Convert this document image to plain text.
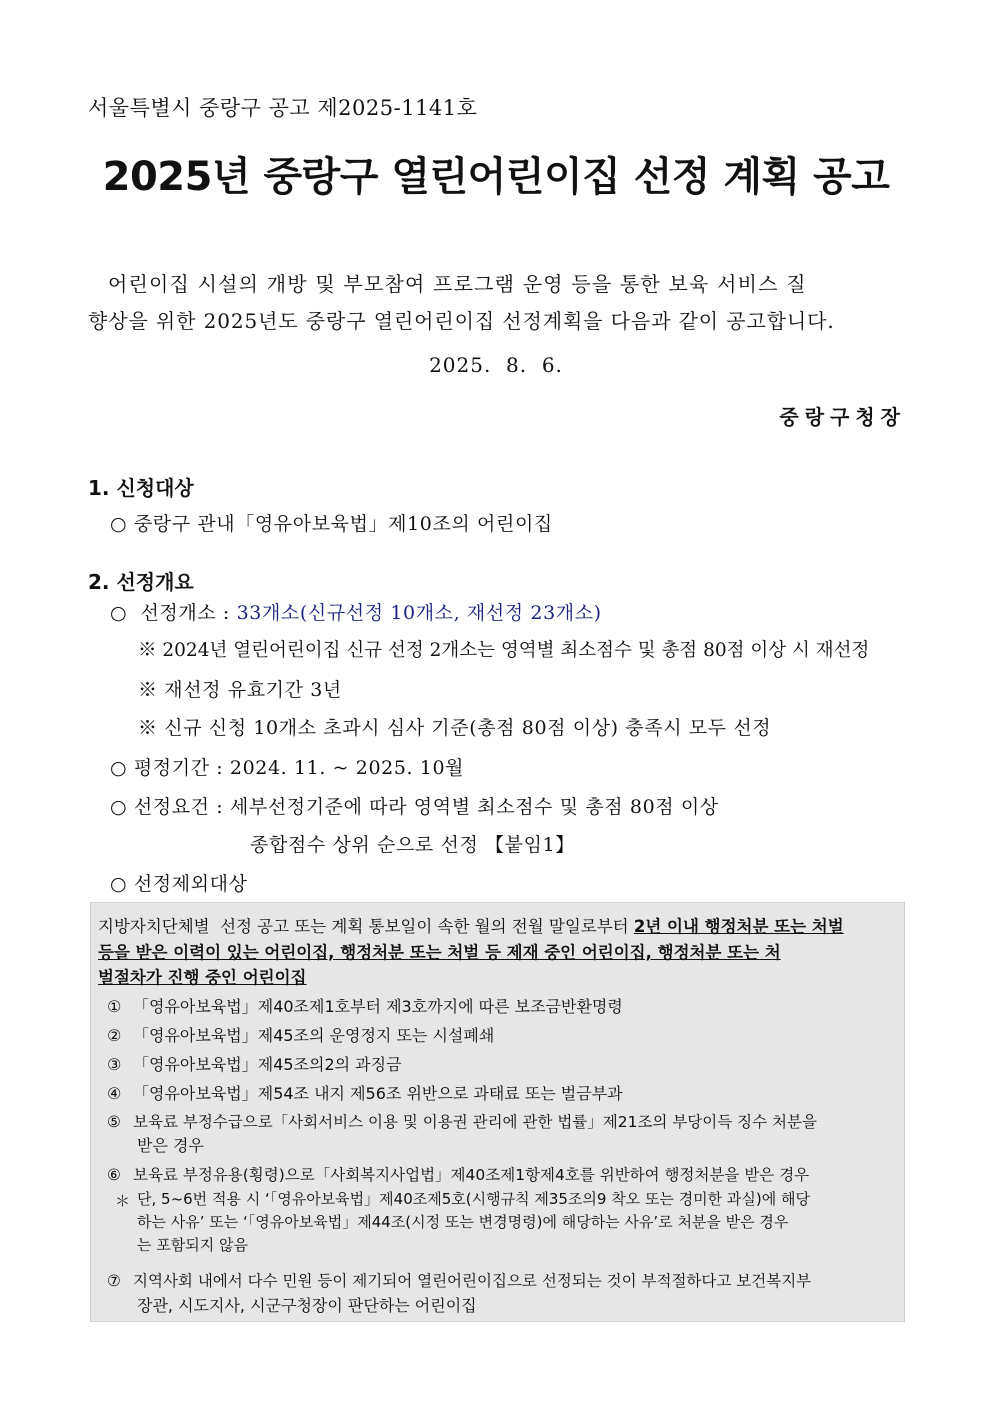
서울특별시 중랑구 공고 제2025-1141호
2025년 중랑구 열린어린이집 선정 계획 공고
어린이집 시설의 개방 및 부모참여 프로그램 운영 등을 통한 보육 서비스 질
향상을 위한 2025년도 중랑구 열린어린이집 선정계획을 다음과 같이 공고합니다.
2025.  8.  6.
중랑구청장
1. 신청대상
○ 중랑구 관내「영유아보육법」제10조의 어린이집
2. 선정개요
○  선정개소 : 33개소(신규선정 10개소, 재선정 23개소)
※ 2024년 열린어린이집 신규 선정 2개소는 영역별 최소점수 및 총점 80점 이상 시 재선정
※ 재선정 유효기간 3년
※ 신규 신청 10개소 초과시 심사 기준(총점 80점 이상) 충족시 모두 선정
○ 평정기간 : 2024. 11. ~ 2025. 10월
○ 선정요건 : 세부선정기준에 따라 영역별 최소점수 및 총점 80점 이상
종합점수 상위 순으로 선정 【붙임1】
○ 선정제외대상
지방자치단체별  선정 공고 또는 계획 통보일이 속한 월의 전월 말일로부터 2년 이내 행정처분 또는 처벌
등을 받은 이력이 있는 어린이집, 행정처분 또는 처벌 등 제재 중인 어린이집, 행정처분 또는 처
벌절차가 진행 중인 어린이집
① 「영유아보육법」제40조제1호부터 제3호까지에 따른 보조금반환명령
② 「영유아보육법」제45조의 운영정지 또는 시설폐쇄
③ 「영유아보육법」제45조의2의 과징금
④ 「영유아보육법」제54조 내지 제56조 위반으로 과태료 또는 벌금부과
⑤ 보육료 부정수급으로「사회서비스 이용 및 이용권 관리에 관한 법률」제21조의 부당이득 징수 처분을
받은 경우
⑥ 보육료 부정유용(횡령)으로「사회복지사업법」제40조제1항제4호를 위반하여 행정처분을 받은 경우
＊ 단, 5~6번 적용 시 ‘「영유아보육법」제40조제5호(시행규칙 제35조의9 착오 또는 경미한 과실)에 해당
하는 사유’ 또는 ‘「영유아보육법」제44조(시정 또는 변경명령)에 해당하는 사유’로 처분을 받은 경우
는 포함되지 않음
⑦ 지역사회 내에서 다수 민원 등이 제기되어 열린어린이집으로 선정되는 것이 부적절하다고 보건복지부
장관, 시도지사, 시군구청장이 판단하는 어린이집
